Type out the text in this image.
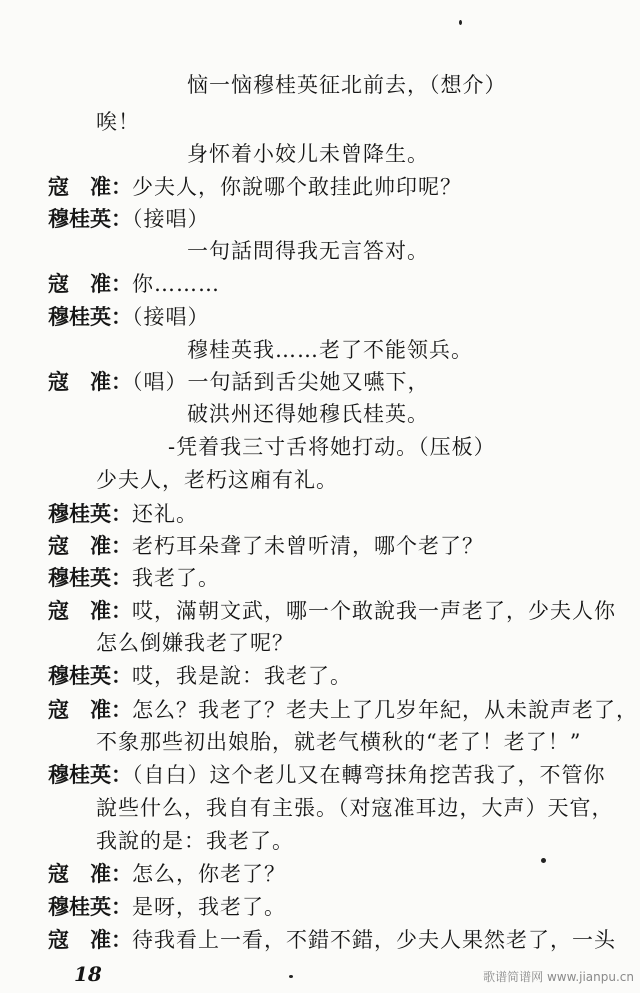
恼一恼穆桂英征北前去，（想介）
唉！
身怀着小姣儿未曾降生。
寇　准：少夫人，你說哪个敢挂此帅印呢？
穆桂英：（接唱）
一句話問得我无言答对。
寇　准：你………
穆桂英：（接唱）
穆桂英我……老了不能领兵。
寇　准：（唱）一句話到舌尖她又嚥下，
破洪州还得她穆氏桂英。
-凭着我三寸舌将她打动。（压板）
少夫人，老朽这廂有礼。
穆桂英：还礼。
寇　准：老朽耳朵聋了未曾听清，哪个老了？
穆桂英：我老了。
寇　准：哎，滿朝文武，哪一个敢說我一声老了，少夫人你
怎么倒嫌我老了呢？
穆桂英：哎，我是說：我老了。
寇　准：怎么？我老了？老夫上了几岁年紀，从未說声老了，
不象那些初出娘胎，就老气横秋的“老了！老了！”
穆桂英：（自白）这个老儿又在轉弯抹角挖苦我了，不管你
說些什么，我自有主張。（对寇准耳边，大声）天官，
我說的是：我老了。
寇　准：怎么，你老了？
穆桂英：是呀，我老了。
寇　准：待我看上一看，不錯不錯，少夫人果然老了，一头
18	歌谱简谱网 www.jianpu.cn
